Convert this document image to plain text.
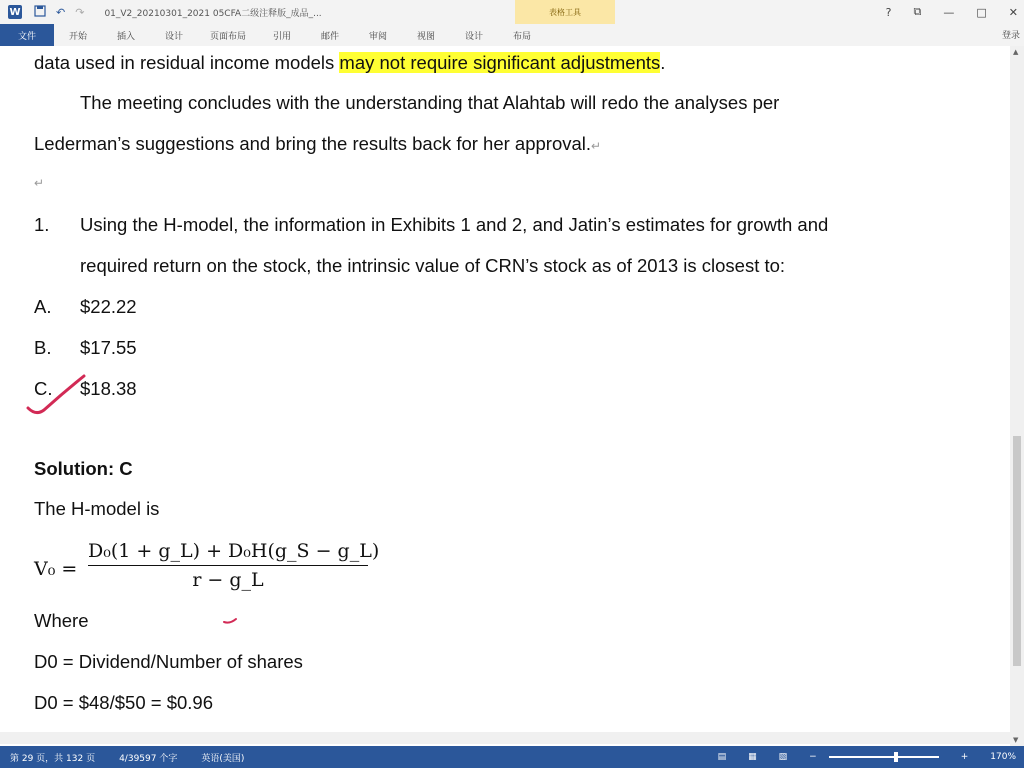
W	↶ ↷ 01_V2_20210301_2021 05CFA二级注释版_成品_...	表格工具	? ⧉ — □ ✕
文件	开始	插入	设计	页面布局	引用	邮件	审阅	视图	设计	布局	登录
data used in residual income models may not require significant adjustments.
The meeting concludes with the understanding that Alahtab will redo the analyses per
Lederman’s suggestions and bring the results back for her approval.↵
↵
1. Using the H-model, the information in Exhibits 1 and 2, and Jatin’s estimates for growth and
required return on the stock, the intrinsic value of CRN’s stock as of 2013 is closest to:
A. $22.22
B. $17.55
C. $18.38
Solution: C
The H-model is
V₀ =
D₀(1 + g_L) + D₀H(g_S − g_L)
r − g_L
Where
D0 = Dividend/Number of shares
D0 = $48/$50 = $0.96
▲
▼
第 29 页，共 132 页	4/39597 个字	英语(美国)	▤ ▦ ▧ −	+ 170%
